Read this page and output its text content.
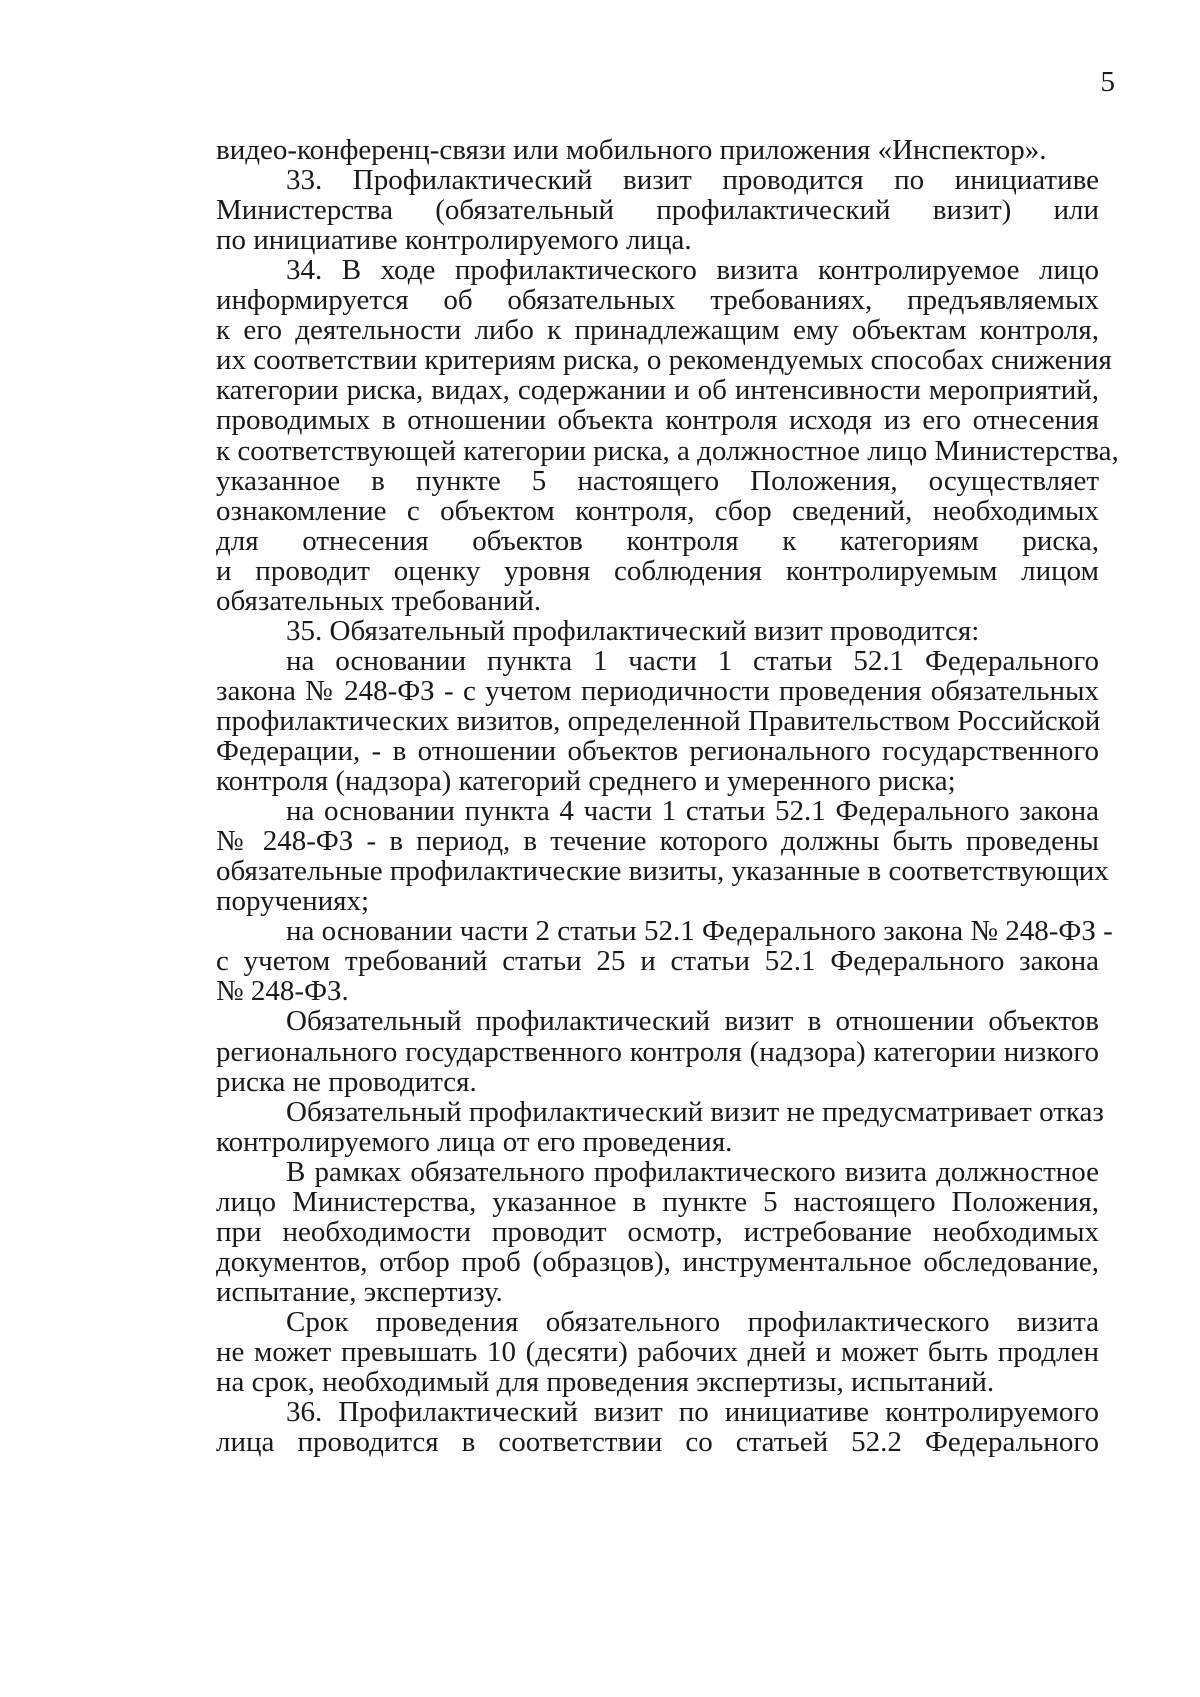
5
видео-конференц-связи или мобильного приложения «Инспектор».
33. Профилактический визит проводится по инициативе
Министерства (обязательный профилактический визит) или
по инициативе контролируемого лица.
34. В ходе профилактического визита контролируемое лицо
информируется об обязательных требованиях, предъявляемых
к его деятельности либо к принадлежащим ему объектам контроля,
их соответствии критериям риска, о рекомендуемых способах снижения
категории риска, видах, содержании и об интенсивности мероприятий,
проводимых в отношении объекта контроля исходя из его отнесения
к соответствующей категории риска, а должностное лицо Министерства,
указанное в пункте 5 настоящего Положения, осуществляет
ознакомление с объектом контроля, сбор сведений, необходимых
для отнесения объектов контроля к категориям риска,
и проводит оценку уровня соблюдения контролируемым лицом
обязательных требований.
35. Обязательный профилактический визит проводится:
на основании пункта 1 части 1 статьи 52.1 Федерального
закона № 248-ФЗ - с учетом периодичности проведения обязательных
профилактических визитов, определенной Правительством Российской
Федерации, - в отношении объектов регионального государственного
контроля (надзора) категорий среднего и умеренного риска;
на основании пункта 4 части 1 статьи 52.1 Федерального закона
№ 248-ФЗ - в период, в течение которого должны быть проведены
обязательные профилактические визиты, указанные в соответствующих
поручениях;
на основании части 2 статьи 52.1 Федерального закона № 248-ФЗ -
с учетом требований статьи 25 и статьи 52.1 Федерального закона
№ 248-ФЗ.
Обязательный профилактический визит в отношении объектов
регионального государственного контроля (надзора) категории низкого
риска не проводится.
Обязательный профилактический визит не предусматривает отказ
контролируемого лица от его проведения.
В рамках обязательного профилактического визита должностное
лицо Министерства, указанное в пункте 5 настоящего Положения,
при необходимости проводит осмотр, истребование необходимых
документов, отбор проб (образцов), инструментальное обследование,
испытание, экспертизу.
Срок проведения обязательного профилактического визита
не может превышать 10 (десяти) рабочих дней и может быть продлен
на срок, необходимый для проведения экспертизы, испытаний.
36. Профилактический визит по инициативе контролируемого
лица проводится в соответствии со статьей 52.2 Федерального
